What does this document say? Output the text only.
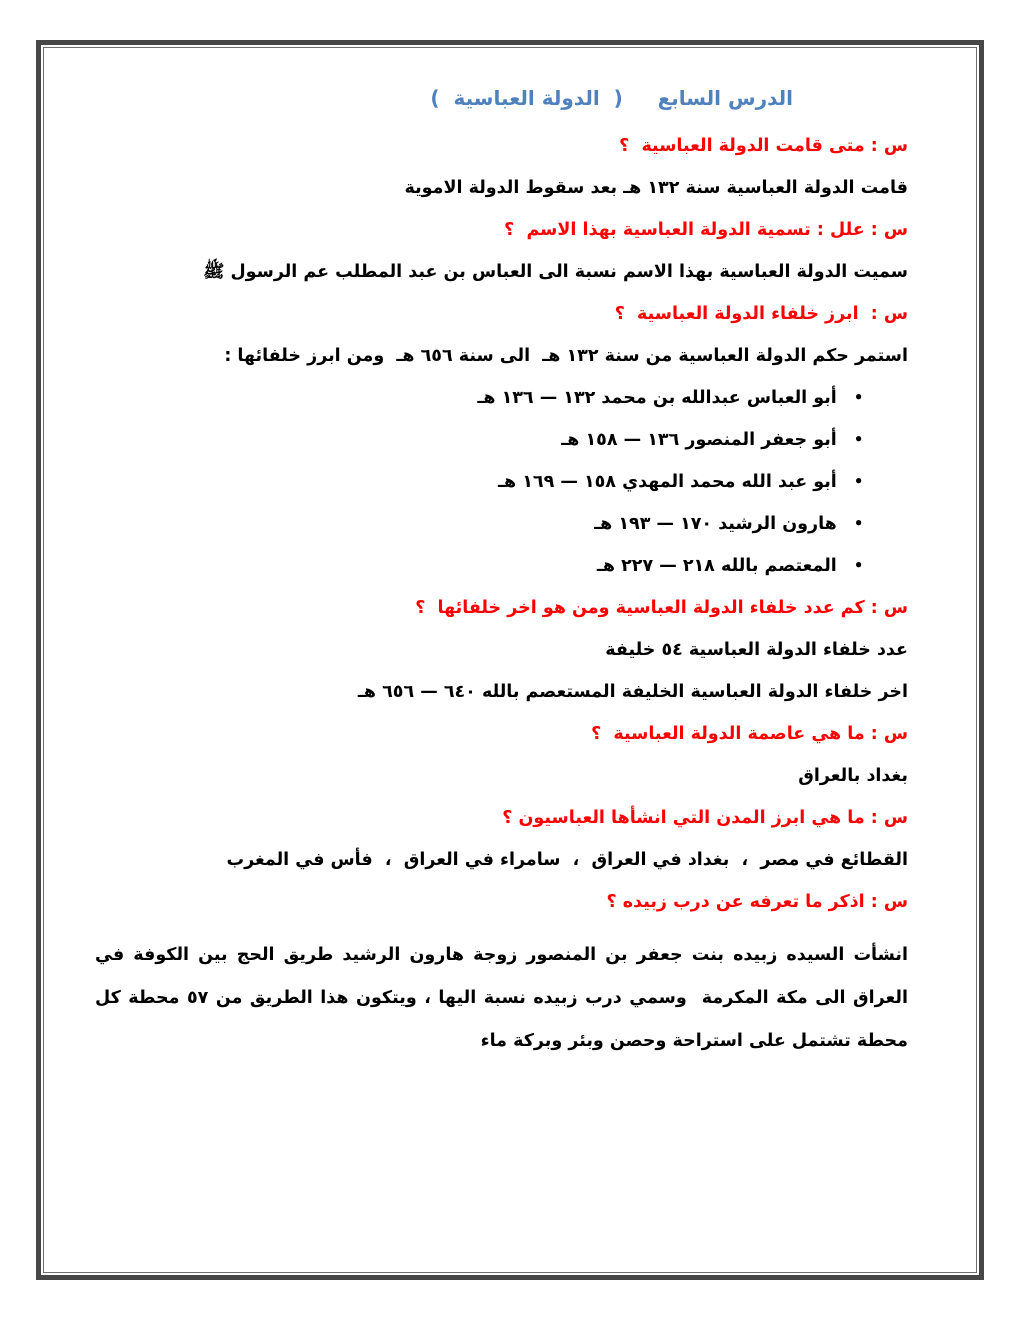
الدرس السابع     (  الدولة العباسية  )
س : متى قامت الدولة العباسية  ؟
قامت الدولة العباسية سنة ١٣٢ هـ بعد سقوط الدولة الاموية
س : علل : تسمية الدولة العباسية بهذا الاسم  ؟
سميت الدولة العباسية بهذا الاسم نسبة الى العباس بن عبد المطلب عم الرسول ﷺ
س :  ابرز خلفاء الدولة العباسية  ؟
استمر حكم الدولة العباسية من سنة ١٣٢ هـ  الى سنة ٦٥٦ هـ  ومن ابرز خلفائها :
• أبو العباس عبدالله بن محمد ١٣٢ — ١٣٦ هـ
• أبو جعفر المنصور ١٣٦ — ١٥٨ هـ
• أبو عبد الله محمد المهدي ١٥٨ — ١٦٩ هـ
• هارون الرشيد ١٧٠ — ١٩٣ هـ
• المعتصم بالله ٢١٨ — ٢٢٧ هـ
س : كم عدد خلفاء الدولة العباسية ومن هو اخر خلفائها  ؟
عدد خلفاء الدولة العباسية ٥٤ خليفة
اخر خلفاء الدولة العباسية الخليفة المستعصم بالله ٦٤٠ — ٦٥٦ هـ
س : ما هي عاصمة الدولة العباسية  ؟
بغداد بالعراق
س : ما هي ابرز المدن التي انشأها العباسيون ؟
القطائع في مصر  ،  بغداد في العراق  ،  سامراء في العراق  ،  فأس في المغرب
س : اذكر ما تعرفه عن درب زبيده ؟
انشأت السيده زبيده بنت جعفر بن المنصور زوجة هارون الرشيد طريق الحج بين الكوفة في العراق الى مكة المكرمة  وسمي درب زبيده نسبة اليها ، ويتكون هذا الطريق من ٥٧ محطة كل محطة تشتمل على استراحة وحصن وبئر وبركة ماء
